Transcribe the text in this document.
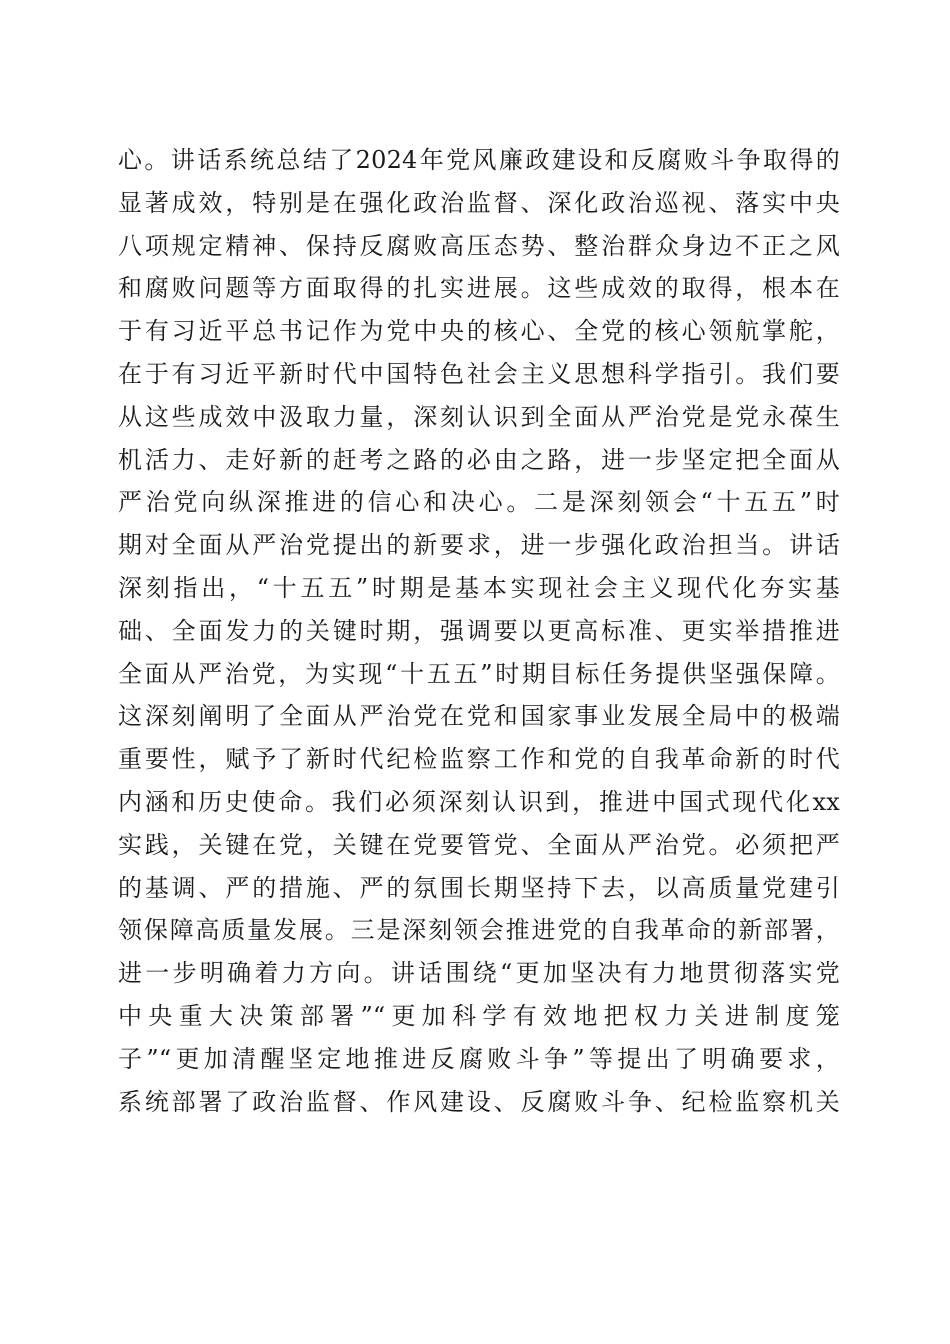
心。讲话系统总结了2024年党风廉政建设和反腐败斗争取得的
显著成效，特别是在强化政治监督、深化政治巡视、落实中央
八项规定精神、保持反腐败高压态势、整治群众身边不正之风
和腐败问题等方面取得的扎实进展。这些成效的取得，根本在
于有习近平总书记作为党中央的核心、全党的核心领航掌舵，
在于有习近平新时代中国特色社会主义思想科学指引。我们要
从这些成效中汲取力量，深刻认识到全面从严治党是党永葆生
机活力、走好新的赶考之路的必由之路，进一步坚定把全面从
严治党向纵深推进的信心和决心。二是深刻领会“十五五”时
期对全面从严治党提出的新要求，进一步强化政治担当。讲话
深刻指出，“十五五”时期是基本实现社会主义现代化夯实基
础、全面发力的关键时期，强调要以更高标准、更实举措推进
全面从严治党，为实现“十五五”时期目标任务提供坚强保障。
这深刻阐明了全面从严治党在党和国家事业发展全局中的极端
重要性，赋予了新时代纪检监察工作和党的自我革命新的时代
内涵和历史使命。我们必须深刻认识到，推进中国式现代化xx
实践，关键在党，关键在党要管党、全面从严治党。必须把严
的基调、严的措施、严的氛围长期坚持下去，以高质量党建引
领保障高质量发展。三是深刻领会推进党的自我革命的新部署，
进一步明确着力方向。讲话围绕“更加坚决有力地贯彻落实党
中央重大决策部署”“更加科学有效地把权力关进制度笼
子”“更加清醒坚定地推进反腐败斗争”等提出了明确要求，
系统部署了政治监督、作风建设、反腐败斗争、纪检监察机关
